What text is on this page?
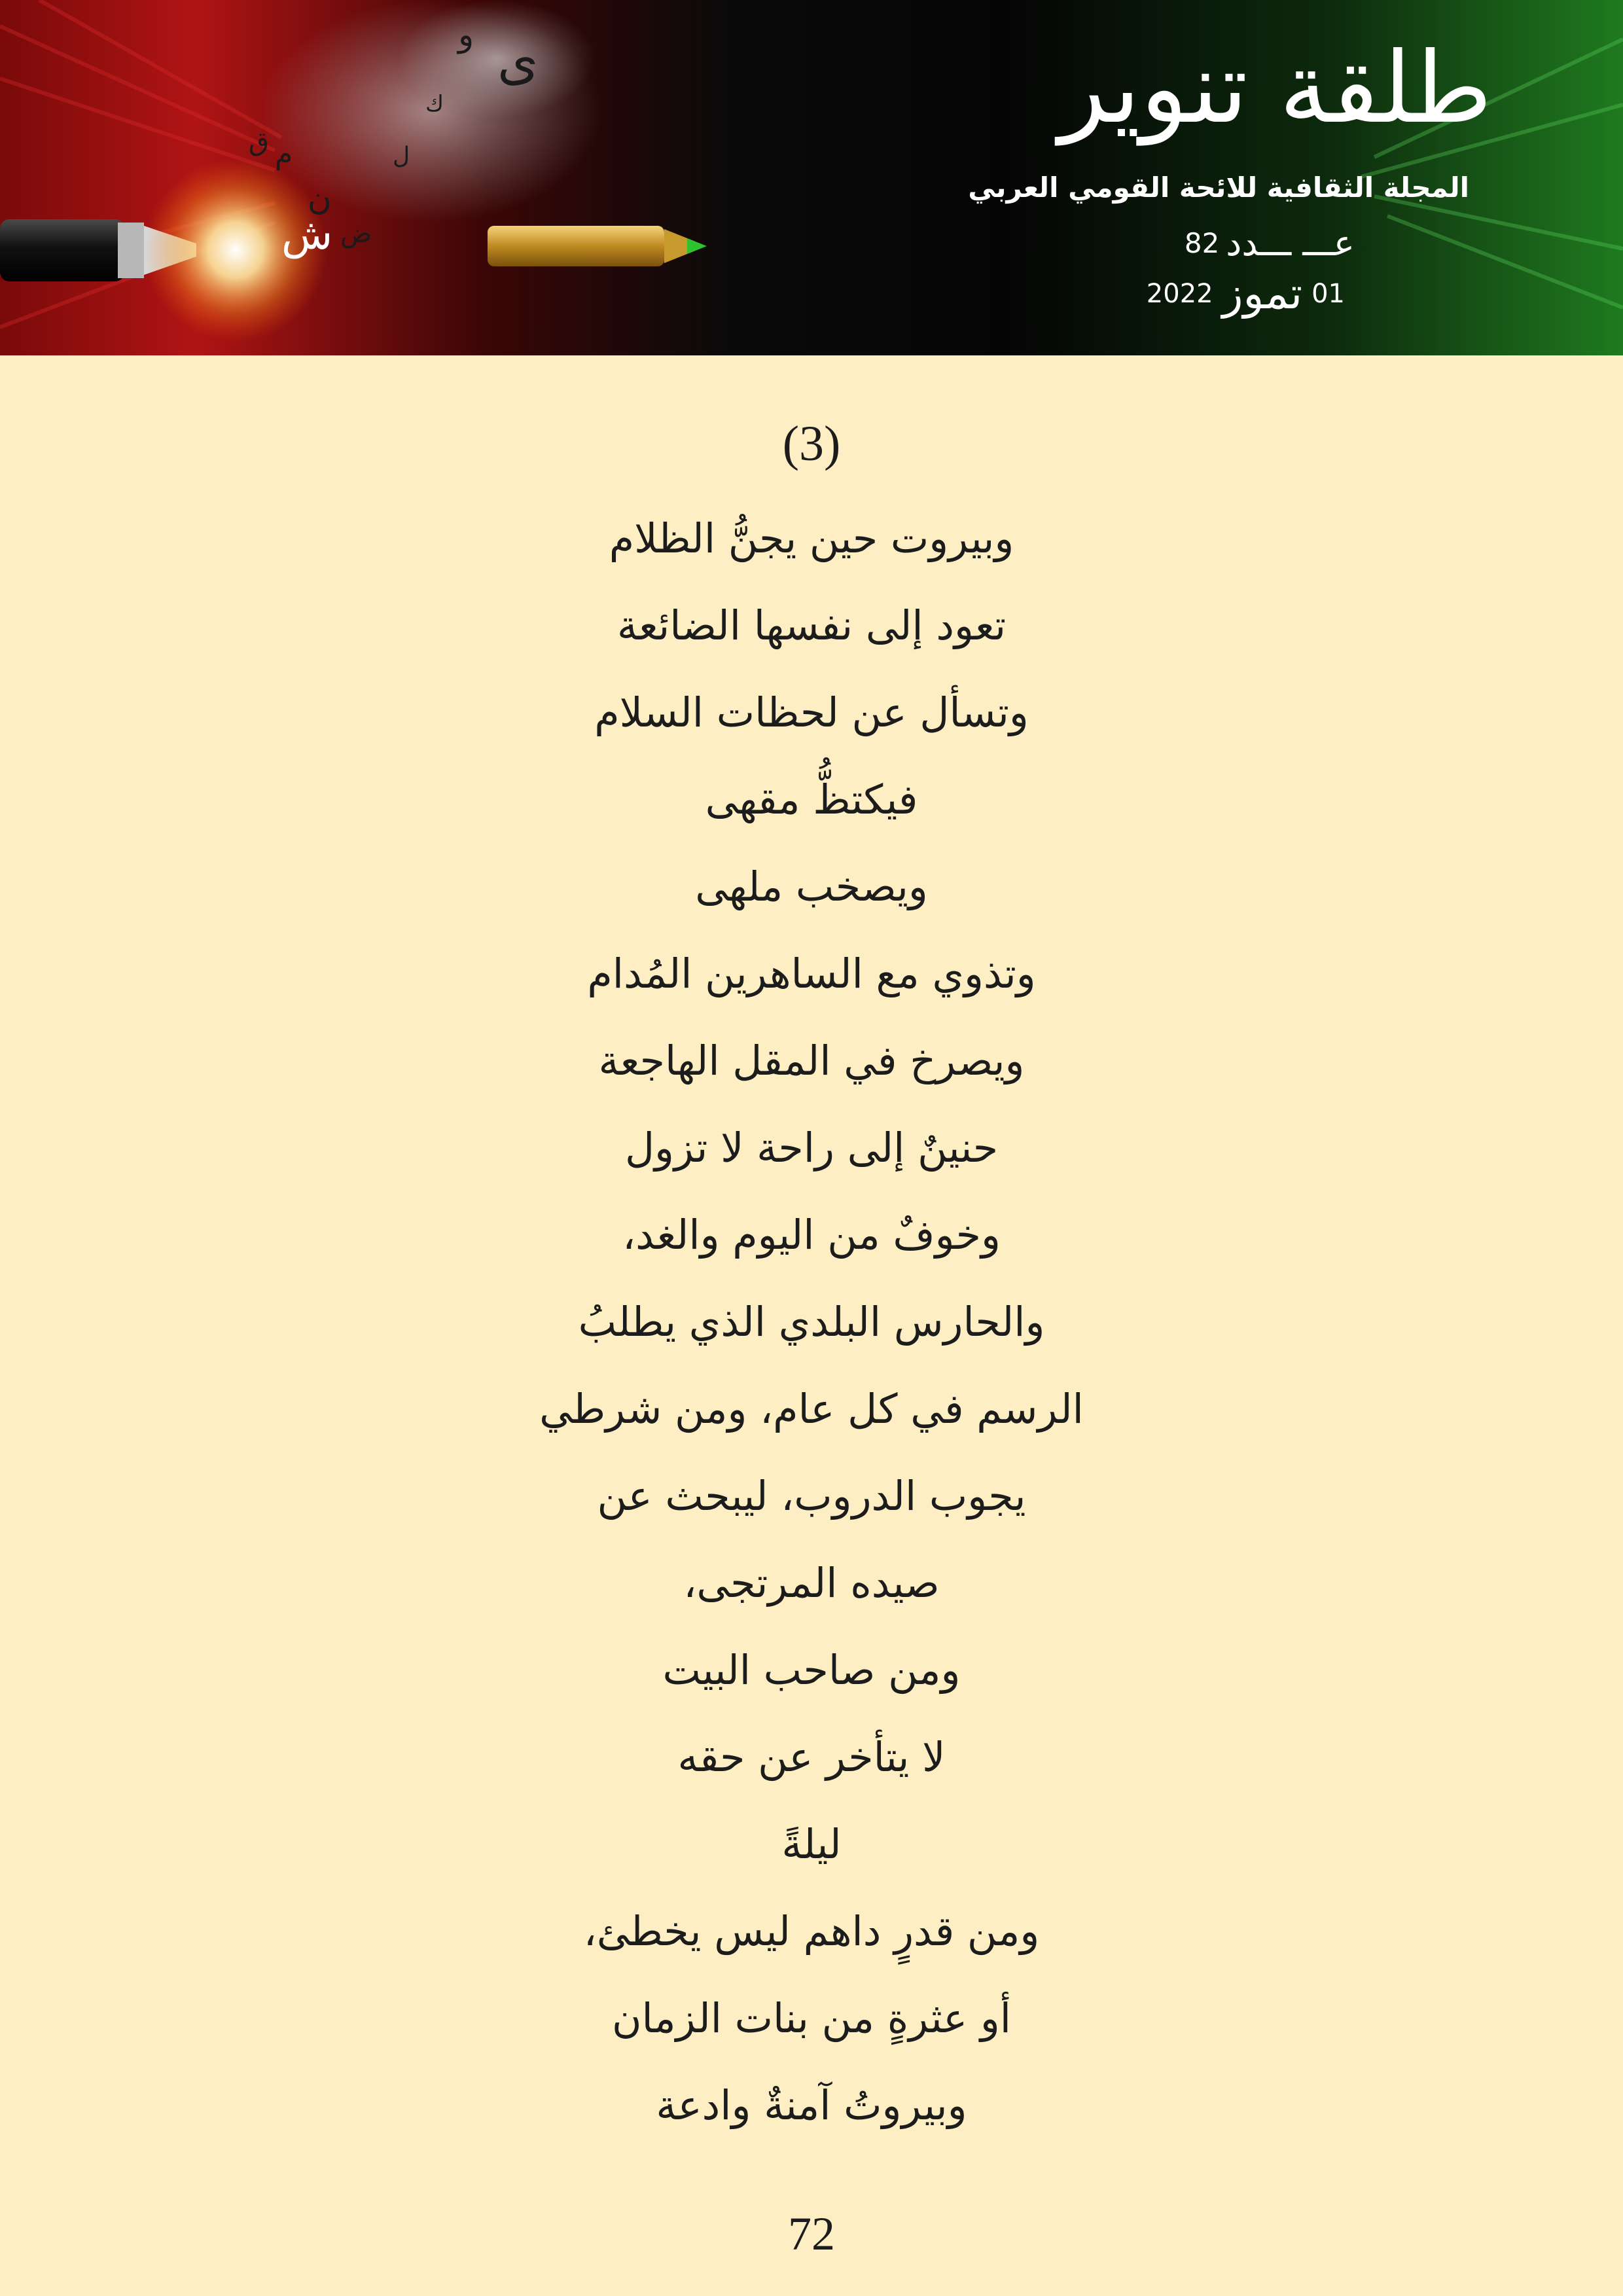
ى
و
م
ن
ش ض
ل
ق
ك	طلقة تنوير
المجلة الثقافية للائحة القومي العربي
عـــ ـــدد
82
01
تموز
2022
(3)
وبيروت حين يجنُّ الظلام
تعود إلى نفسها الضائعة
وتسأل عن لحظات السلام
فيكتظُّ مقهى
ويصخب ملهى
وتذوي مع الساهرين المُدام
ويصرخ في المقل الهاجعة
حنينٌ إلى راحة لا تزول
وخوفٌ من اليوم والغد،
والحارس البلدي الذي يطلبُ
الرسم في كل عام، ومن شرطي
يجوب الدروب، ليبحث عن
صيده المرتجى،
ومن صاحب البيت
لا يتأخر عن حقه
ليلةً
ومن قدرٍ داهم ليس يخطئ،
أو عثرةٍ من بنات الزمان
وبيروتُ آمنةٌ وادعة
72
